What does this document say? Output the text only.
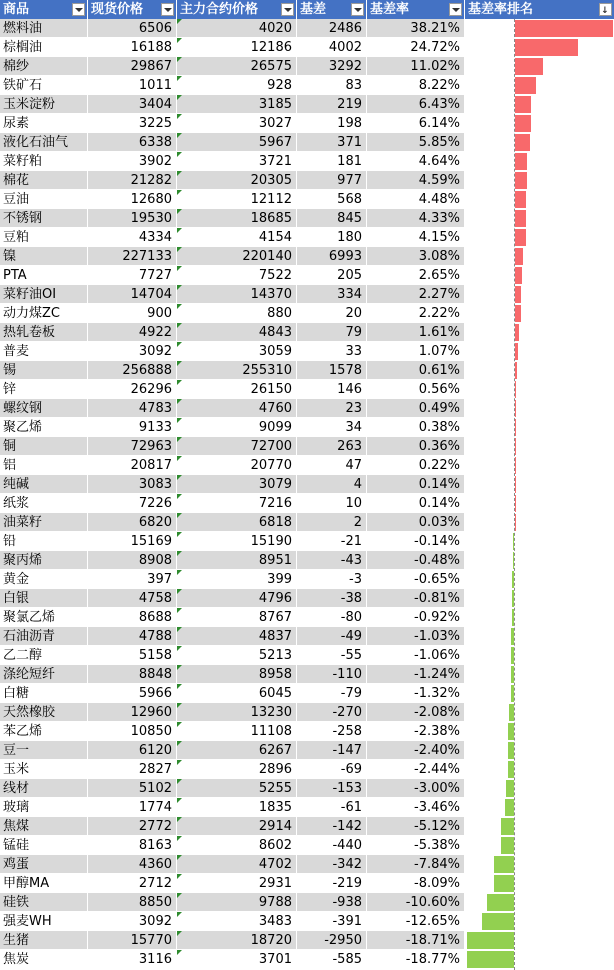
商品	现货价格	主力合约价格	基差	基差率	基差率排名
↓
燃料油	6506	4020	2486	38.21%
棕榈油	16188	12186	4002	24.72%
棉纱	29867	26575	3292	11.02%
铁矿石	1011	928	83	8.22%
玉米淀粉	3404	3185	219	6.43%
尿素	3225	3027	198	6.14%
液化石油气	6338	5967	371	5.85%
菜籽粕	3902	3721	181	4.64%
棉花	21282	20305	977	4.59%
豆油	12680	12112	568	4.48%
不锈钢	19530	18685	845	4.33%
豆粕	4334	4154	180	4.15%
镍	227133	220140	6993	3.08%
PTA	7727	7522	205	2.65%
菜籽油OI	14704	14370	334	2.27%
动力煤ZC	900	880	20	2.22%
热轧卷板	4922	4843	79	1.61%
普麦	3092	3059	33	1.07%
锡	256888	255310	1578	0.61%
锌	26296	26150	146	0.56%
螺纹钢	4783	4760	23	0.49%
聚乙烯	9133	9099	34	0.38%
铜	72963	72700	263	0.36%
铝	20817	20770	47	0.22%
纯碱	3083	3079	4	0.14%
纸浆	7226	7216	10	0.14%
油菜籽	6820	6818	2	0.03%
铅	15169	15190	-21	-0.14%
聚丙烯	8908	8951	-43	-0.48%
黄金	397	399	-3	-0.65%
白银	4758	4796	-38	-0.81%
聚氯乙烯	8688	8767	-80	-0.92%
石油沥青	4788	4837	-49	-1.03%
乙二醇	5158	5213	-55	-1.06%
涤纶短纤	8848	8958	-110	-1.24%
白糖	5966	6045	-79	-1.32%
天然橡胶	12960	13230	-270	-2.08%
苯乙烯	10850	11108	-258	-2.38%
豆一	6120	6267	-147	-2.40%
玉米	2827	2896	-69	-2.44%
线材	5102	5255	-153	-3.00%
玻璃	1774	1835	-61	-3.46%
焦煤	2772	2914	-142	-5.12%
锰硅	8163	8602	-440	-5.38%
鸡蛋	4360	4702	-342	-7.84%
甲醇MA	2712	2931	-219	-8.09%
硅铁	8850	9788	-938	-10.60%
强麦WH	3092	3483	-391	-12.65%
生猪	15770	18720	-2950	-18.71%
焦炭	3116	3701	-585	-18.77%
